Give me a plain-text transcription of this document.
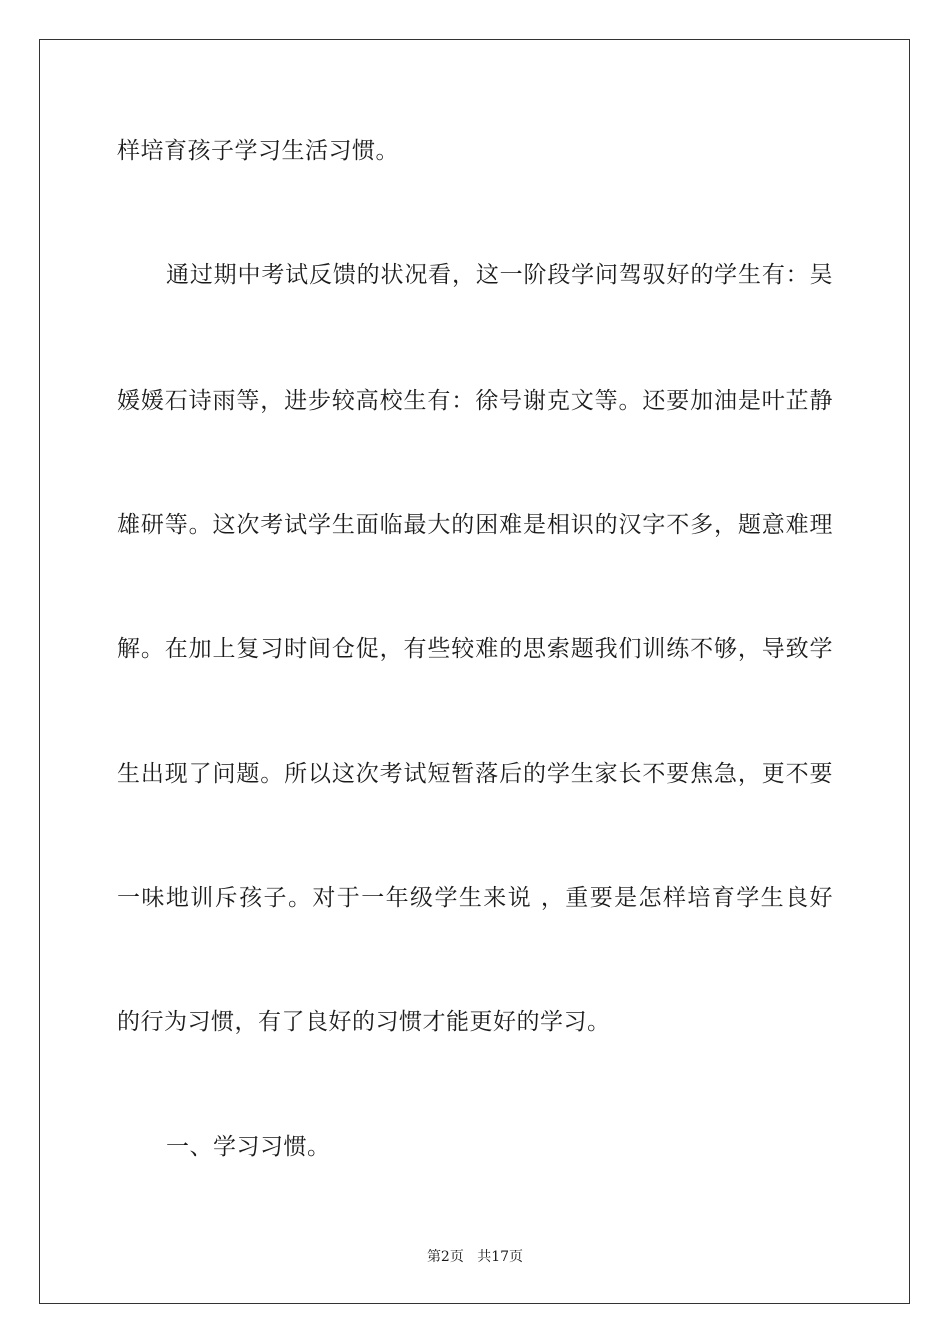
样培育孩子学习生活习惯。
通过期中考试反馈的状况看，这一阶段学问驾驭好的学生有：吴
媛媛石诗雨等，进步较高校生有：徐号谢克文等。还要加油是叶芷静
雄研等。这次考试学生面临最大的困难是相识的汉字不多，题意难理
解。在加上复习时间仓促，有些较难的思索题我们训练不够，导致学
生出现了问题。所以这次考试短暂落后的学生家长不要焦急，更不要
一味地训斥孩子。对于一年级学生来说 ，重要是怎样培育学生良好
的行为习惯，有了良好的习惯才能更好的学习。
一、学习习惯。
第2页 共17页
